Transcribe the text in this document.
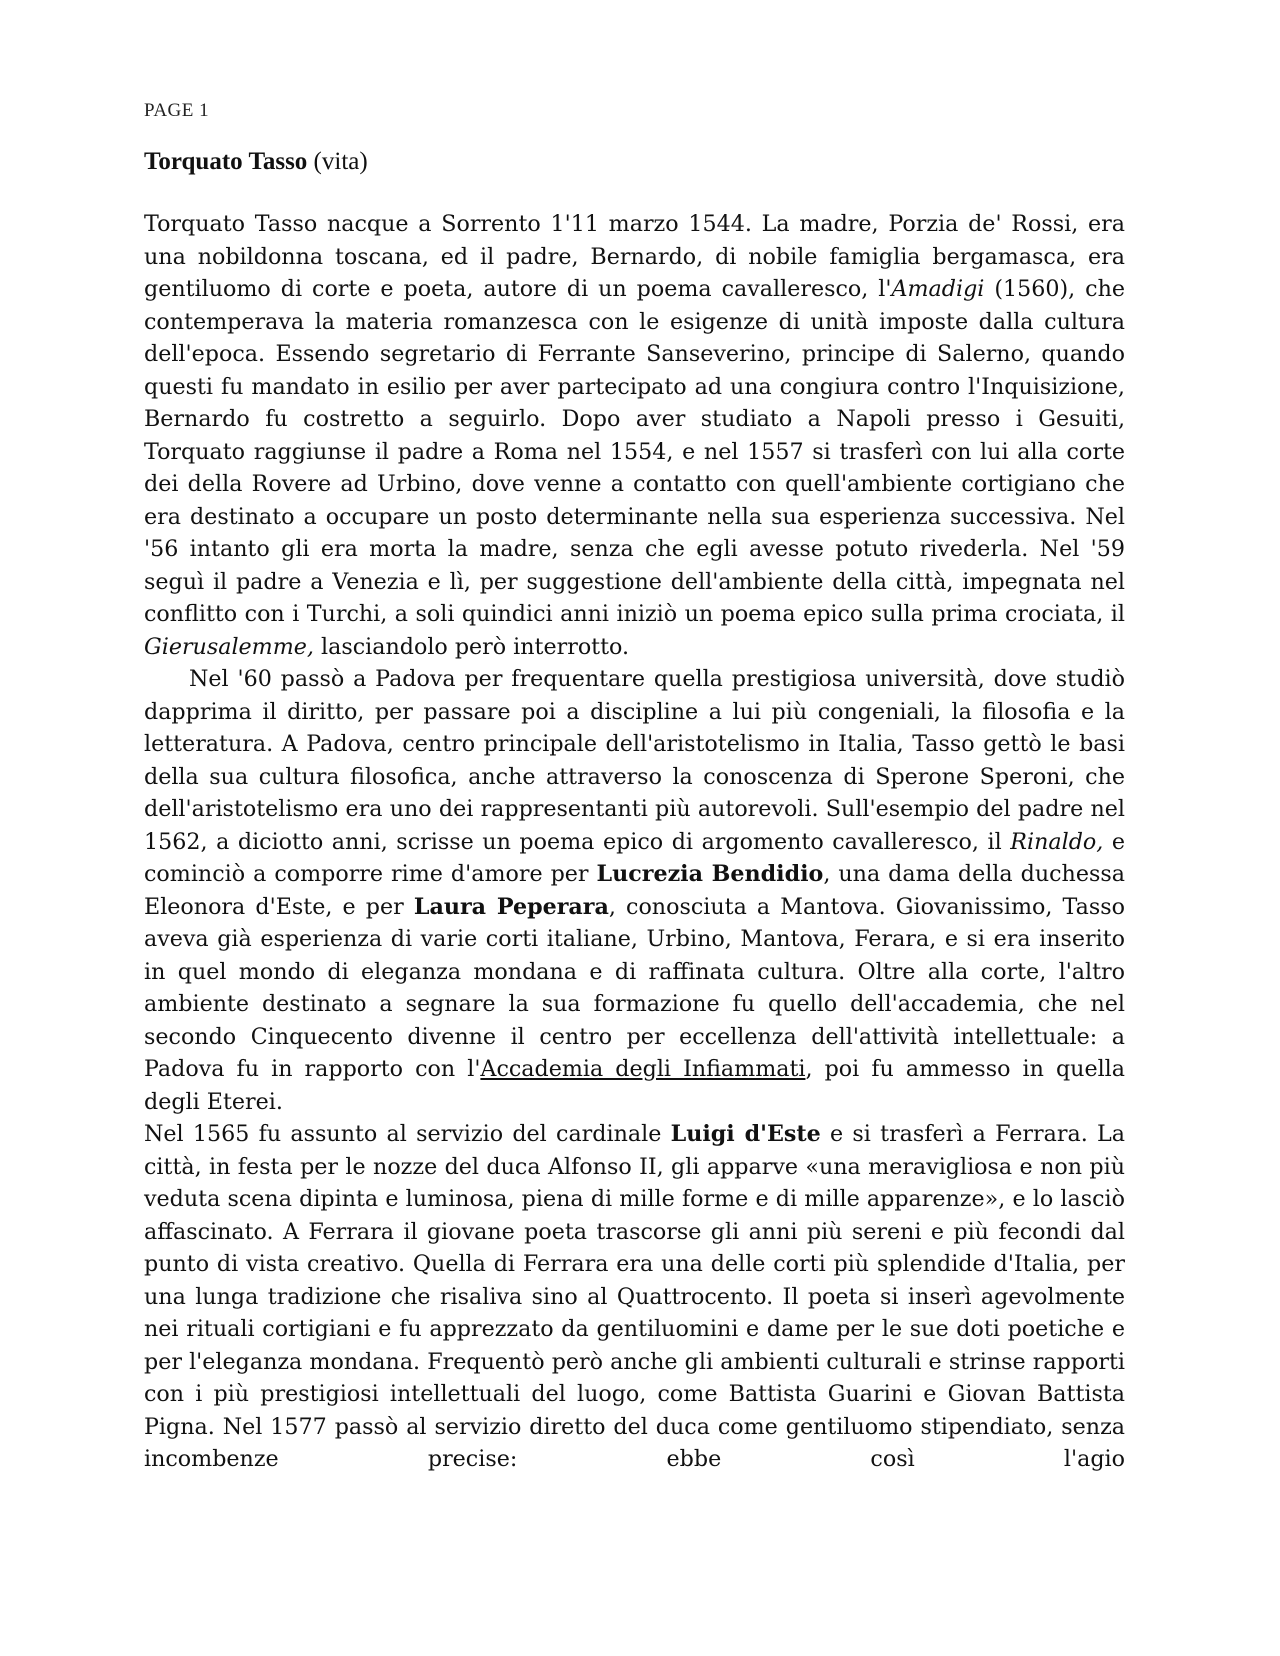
PAGE 1
Torquato Tasso (vita)

Torquato Tasso nacque a Sorrento 1'11 marzo 1544. La madre, Porzia de' Rossi, era una nobildonna toscana, ed il padre, Bernardo, di nobile famiglia bergamasca, era gentiluomo di corte e poeta, autore di un poema cavalleresco, l'Amadigi (1560), che contemperava la materia romanzesca con le esigenze di unità imposte dalla cultura dell'epoca. Essendo segretario di Ferrante Sanseverino, principe di Salerno, quando questi fu mandato in esilio per aver partecipato ad una congiura contro l'Inquisizione, Bernardo fu costretto a seguirlo. Dopo aver studiato a Napoli presso i Gesuiti, Torquato raggiunse il padre a Roma nel 1554, e nel 1557 si trasferì con lui alla corte dei della Rovere ad Urbino, dove venne a contatto con quell'ambiente cortigiano che era destinato a occupare un posto determinante nella sua esperienza successiva. Nel '56 intanto gli era morta la madre, senza che egli avesse potuto rivederla. Nel '59 seguì il padre a Venezia e lì, per suggestione dell'ambiente della città, impegnata nel conflitto con i Turchi, a soli quindici anni iniziò un poema epico sulla prima crociata, il Gierusalemme, lasciandolo però interrotto.

Nel '60 passò a Padova per frequentare quella prestigiosa università, dove studiò dapprima il diritto, per passare poi a discipline a lui più congeniali, la filosofia e la letteratura. A Padova, centro principale dell'aristotelismo in Italia, Tasso gettò le basi della sua cultura filosofica, anche attraverso la conoscenza di Sperone Speroni, che dell'aristotelismo era uno dei rappresentanti più autorevoli. Sull'esempio del padre nel 1562, a diciotto anni, scrisse un poema epico di argomento cavalleresco, il Rinaldo, e cominciò a comporre rime d'amore per Lucrezia Bendidio, una dama della duchessa Eleonora d'Este, e per Laura Peperara, conosciuta a Mantova. Giovanissimo, Tasso aveva già esperienza di varie corti italiane, Urbino, Mantova, Ferara, e si era inserito in quel mondo di eleganza mondana e di raffinata cultura. Oltre alla corte, l'altro ambiente destinato a segnare la sua formazione fu quello dell'accademia, che nel secondo Cinquecento divenne il centro per eccellenza dell'attività intellettuale: a Padova fu in rapporto con l'Accademia degli Infiammati, poi fu ammesso in quella degli Eterei.

Nel 1565 fu assunto al servizio del cardinale Luigi d'Este e si trasferì a Ferrara. La città, in festa per le nozze del duca Alfonso II, gli apparve «una meravigliosa e non più veduta scena dipinta e luminosa, piena di mille forme e di mille apparenze», e lo lasciò affascinato. A Ferrara il giovane poeta trascorse gli anni più sereni e più fecondi dal punto di vista creativo. Quella di Ferrara era una delle corti più splendide d'Italia, per una lunga tradizione che risaliva sino al Quattrocento. Il poeta si inserì agevolmente nei rituali cortigiani e fu apprezzato da gentiluomini e dame per le sue doti poetiche e per l'eleganza mondana. Frequentò però anche gli ambienti culturali e strinse rapporti con i più prestigiosi intellettuali del luogo, come Battista Guarini e Giovan Battista Pigna. Nel 1577 passò al servizio diretto del duca come gentiluomo stipendiato, senza incombenze precise: ebbe così l'agio
